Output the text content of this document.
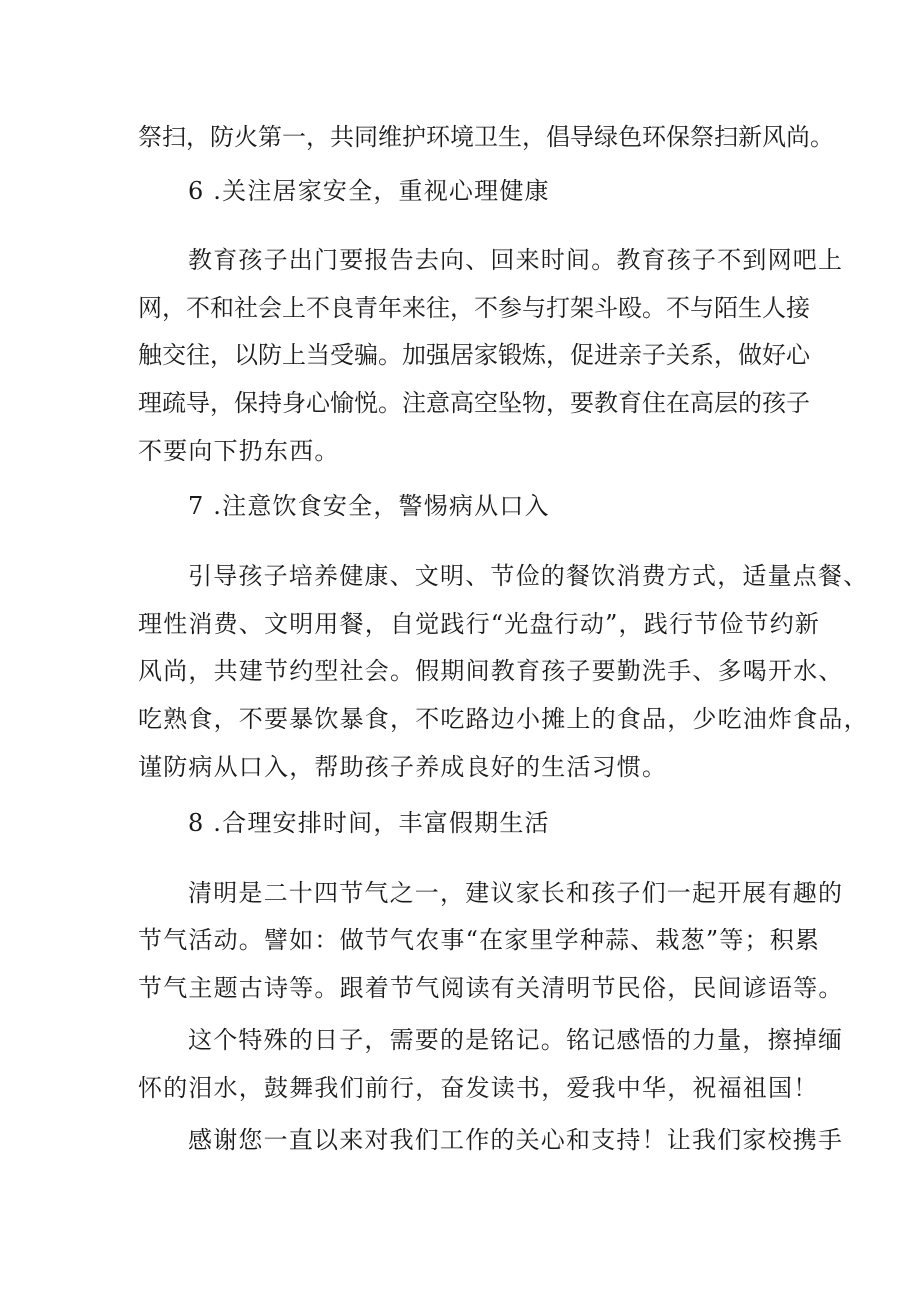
祭扫，防火第一，共同维护环境卫生，倡导绿色环保祭扫新风尚。
6 .关注居家安全，重视心理健康
教育孩子出门要报告去向、回来时间。教育孩子不到网吧上
网，不和社会上不良青年来往，不参与打架斗殴。不与陌生人接
触交往，以防上当受骗。加强居家锻炼，促进亲子关系，做好心
理疏导，保持身心愉悦。注意高空坠物，要教育住在高层的孩子
不要向下扔东西。
7 .注意饮食安全，警惕病从口入
引导孩子培养健康、文明、节俭的餐饮消费方式，适量点餐、
理性消费、文明用餐，自觉践行“光盘行动”，践行节俭节约新
风尚，共建节约型社会。假期间教育孩子要勤洗手、多喝开水、
吃熟食，不要暴饮暴食，不吃路边小摊上的食品，少吃油炸食品，
谨防病从口入，帮助孩子养成良好的生活习惯。
8 .合理安排时间，丰富假期生活
清明是二十四节气之一，建议家长和孩子们一起开展有趣的
节气活动。譬如：做节气农事“在家里学种蒜、栽葱”等；积累
节气主题古诗等。跟着节气阅读有关清明节民俗，民间谚语等。
这个特殊的日子，需要的是铭记。铭记感悟的力量，擦掉缅
怀的泪水，鼓舞我们前行，奋发读书，爱我中华，祝福祖国！
感谢您一直以来对我们工作的关心和支持！让我们家校携手
